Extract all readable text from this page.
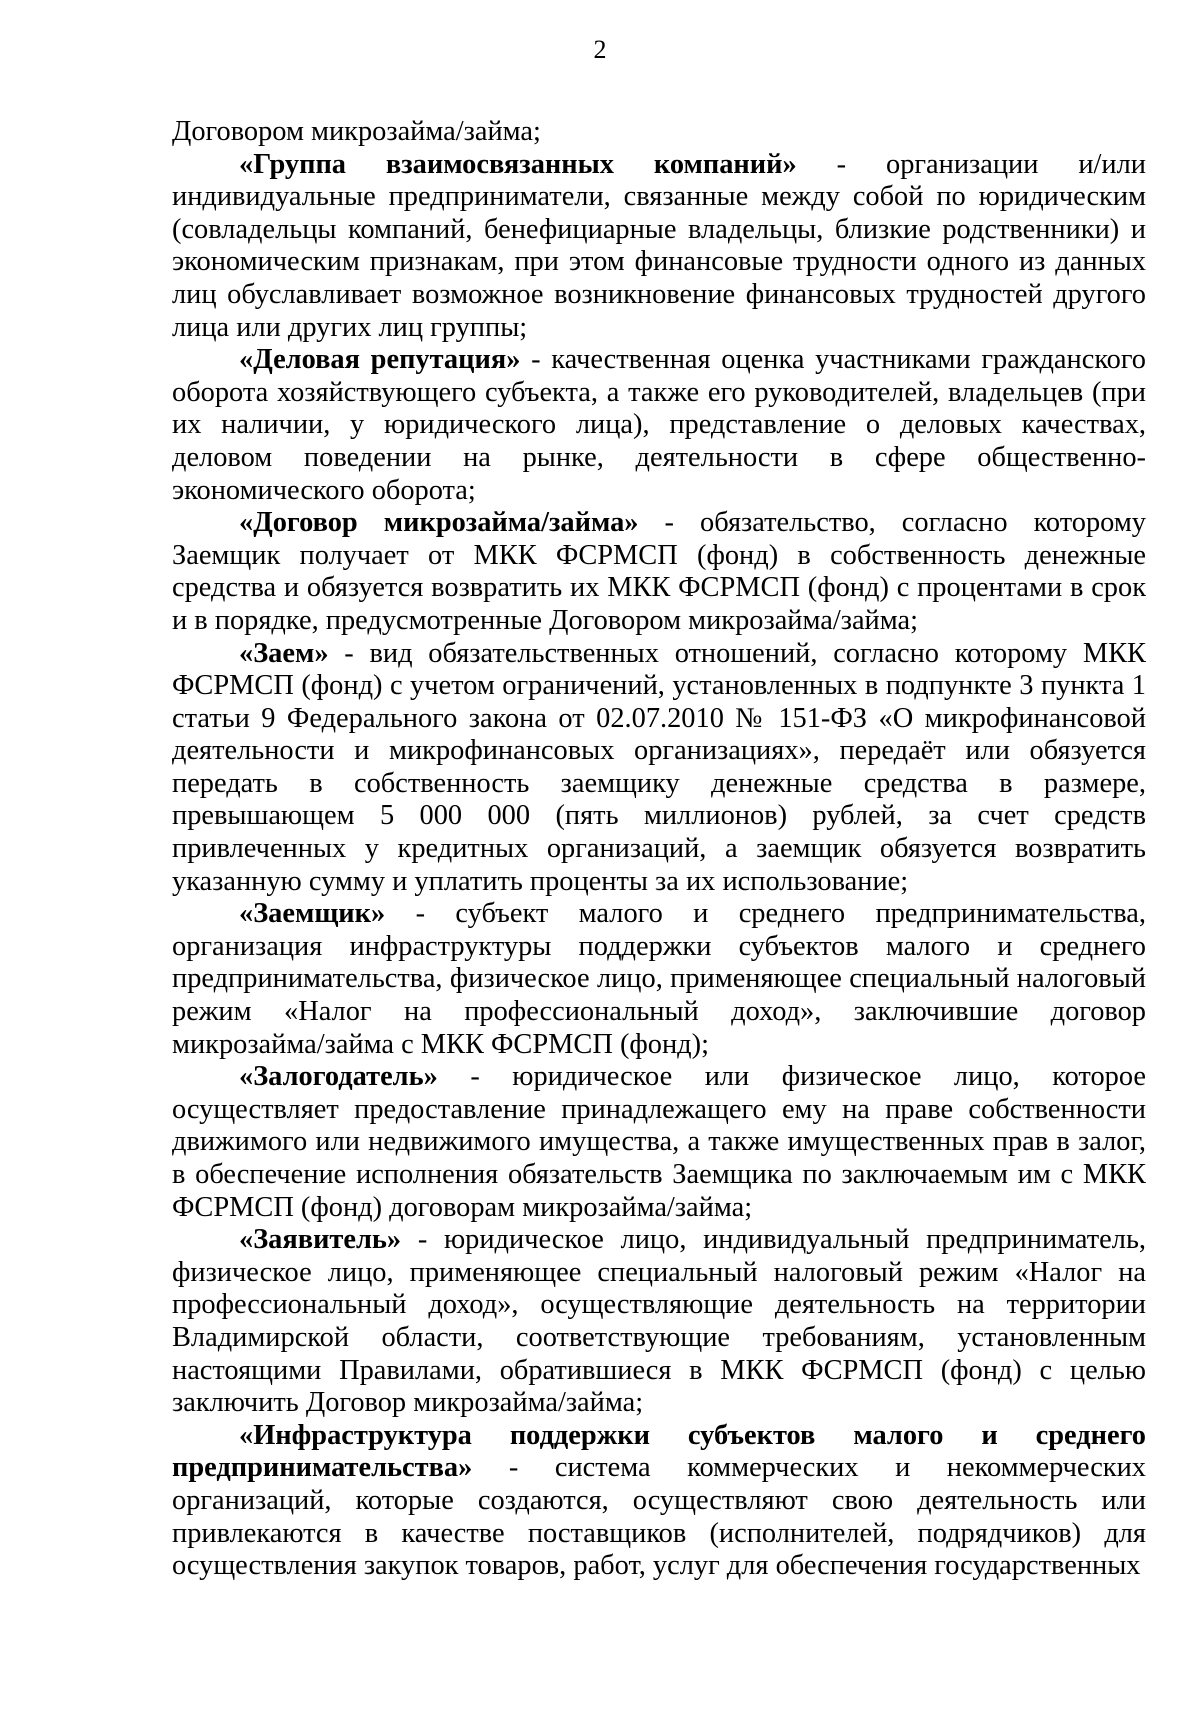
2

Договором микрозайма/займа;

«Группа взаимосвязанных компаний» - организации и/или индивидуальные предприниматели, связанные между собой по юридическим (совладельцы компаний, бенефициарные владельцы, близкие родственники) и экономическим признакам, при этом финансовые трудности одного из данных лиц обуславливает возможное возникновение финансовых трудностей другого лица или других лиц группы;

«Деловая репутация» - качественная оценка участниками гражданского оборота хозяйствующего субъекта, а также его руководителей, владельцев (при их наличии, у юридического лица), представление о деловых качествах, деловом поведении на рынке, деятельности в сфере общественно-экономического оборота;

«Договор микрозайма/займа» - обязательство, согласно которому Заемщик получает от МКК ФСРМСП (фонд) в собственность денежные средства и обязуется возвратить их МКК ФСРМСП (фонд) с процентами в срок и в порядке, предусмотренные Договором микрозайма/займа;

«Заем» - вид обязательственных отношений, согласно которому МКК ФСРМСП (фонд) с учетом ограничений, установленных в подпункте 3 пункта 1 статьи 9 Федерального закона от 02.07.2010 № 151-ФЗ «О микрофинансовой деятельности и микрофинансовых организациях», передаёт или обязуется передать в собственность заемщику денежные средства в размере, превышающем 5 000 000 (пять миллионов) рублей, за счет средств привлеченных у кредитных организаций, а заемщик обязуется возвратить указанную сумму и уплатить проценты за их использование;

«Заемщик» - субъект малого и среднего предпринимательства, организация инфраструктуры поддержки субъектов малого и среднего предпринимательства, физическое лицо, применяющее специальный налоговый режим «Налог на профессиональный доход», заключившие договор микрозайма/займа с МКК ФСРМСП (фонд);

«Залогодатель» - юридическое или физическое лицо, которое осуществляет предоставление принадлежащего ему на праве собственности движимого или недвижимого имущества, а также имущественных прав в залог, в обеспечение исполнения обязательств Заемщика по заключаемым им с МКК ФСРМСП (фонд) договорам микрозайма/займа;

«Заявитель» - юридическое лицо, индивидуальный предприниматель, физическое лицо, применяющее специальный налоговый режим «Налог на профессиональный доход», осуществляющие деятельность на территории Владимирской области, соответствующие требованиям, установленным настоящими Правилами, обратившиеся в МКК ФСРМСП (фонд) с целью заключить Договор микрозайма/займа;

«Инфраструктура поддержки субъектов малого и среднего предпринимательства» - система коммерческих и некоммерческих организаций, которые создаются, осуществляют свою деятельность или привлекаются в качестве поставщиков (исполнителей, подрядчиков) для осуществления закупок товаров, работ, услуг для обеспечения государственных
